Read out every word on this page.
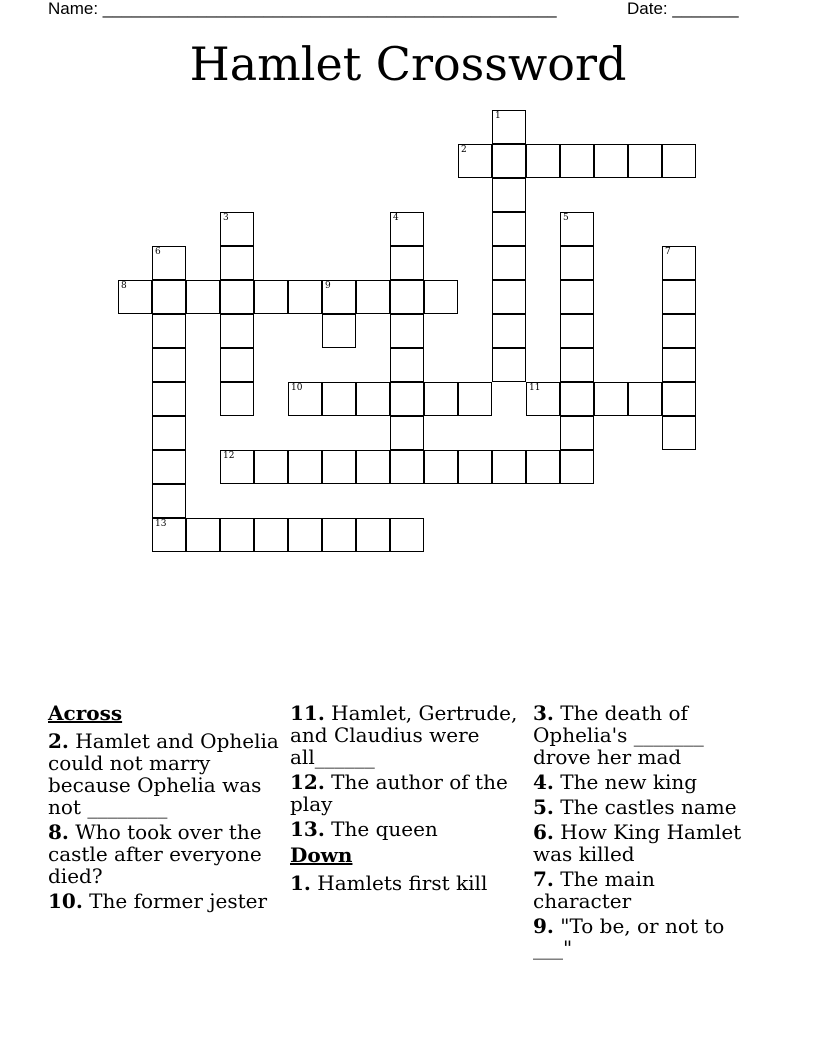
Name: ________________________________________________	Date: _______
Hamlet Crossword
1
2
3	4	5
6
13
7
8	9
10	11
12
Across
2. Hamlet and Ophelia could not marry because Ophelia was not ________
8. Who took over the castle after everyone died?
10. The former jester
11. Hamlet, Gertrude, and Claudius were all______
12. The author of the play
13. The queen
Down
1. Hamlets first kill
3. The death of Ophelia's _______ drove her mad
4. The new king
5. The castles name
6. How King Hamlet was killed
7. The main character
9. "To be, or not to ___"
